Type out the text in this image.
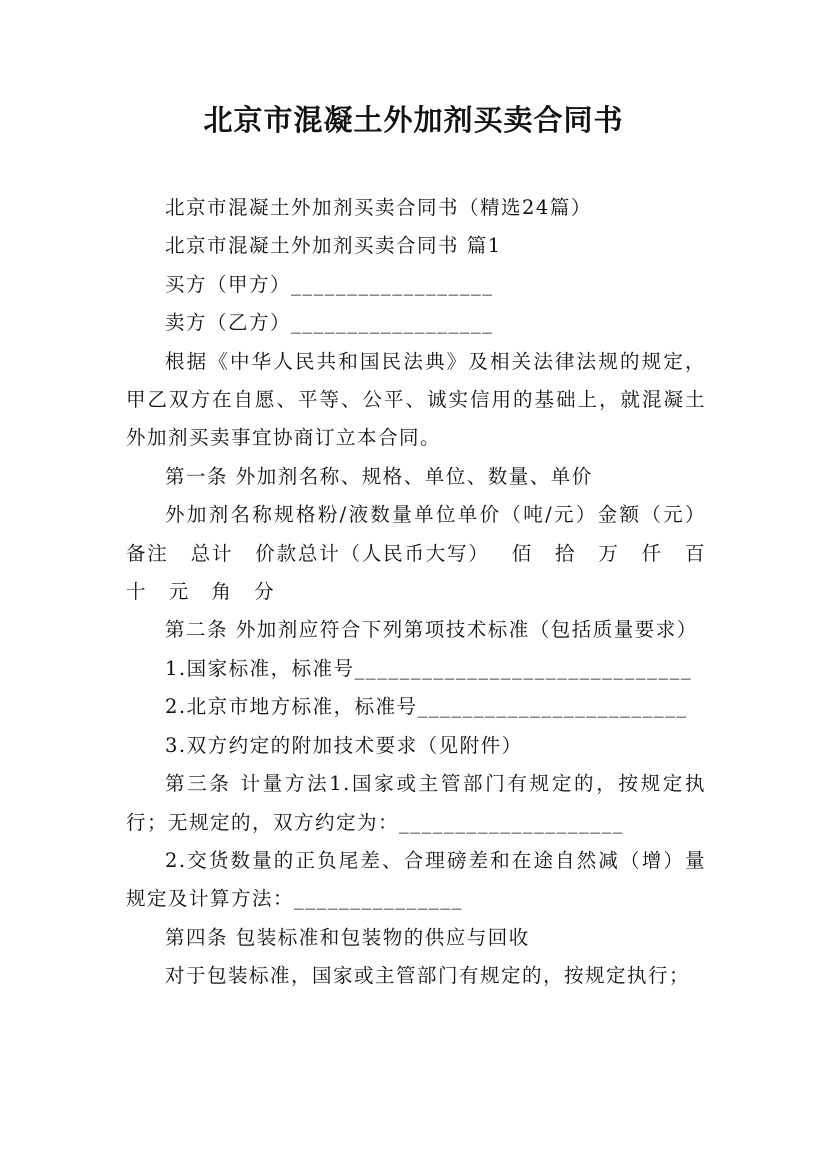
北京市混凝土外加剂买卖合同书

北京市混凝土外加剂买卖合同书（精选24篇）

北京市混凝土外加剂买卖合同书 篇1

买方（甲方）__________________

卖方（乙方）__________________

根据《中华人民共和国民法典》及相关法律法规的规定，甲乙双方在自愿、平等、公平、诚实信用的基础上，就混凝土外加剂买卖事宜协商订立本合同。

第一条 外加剂名称、规格、单位、数量、单价

外加剂名称规格粉/液数量单位单价（吨/元）金额（元）备注 总计 价款总计（人民币大写） 佰 拾 万 仟 百 十 元 角 分

第二条 外加剂应符合下列第项技术标准（包括质量要求）

1.国家标准，标准号______________________________

2.北京市地方标准，标准号________________________

3.双方约定的附加技术要求（见附件）

第三条 计量方法1.国家或主管部门有规定的，按规定执行；无规定的，双方约定为：____________________

2.交货数量的正负尾差、合理磅差和在途自然减（增）量规定及计算方法：_______________

第四条 包装标准和包装物的供应与回收

对于包装标准，国家或主管部门有规定的，按规定执行；
